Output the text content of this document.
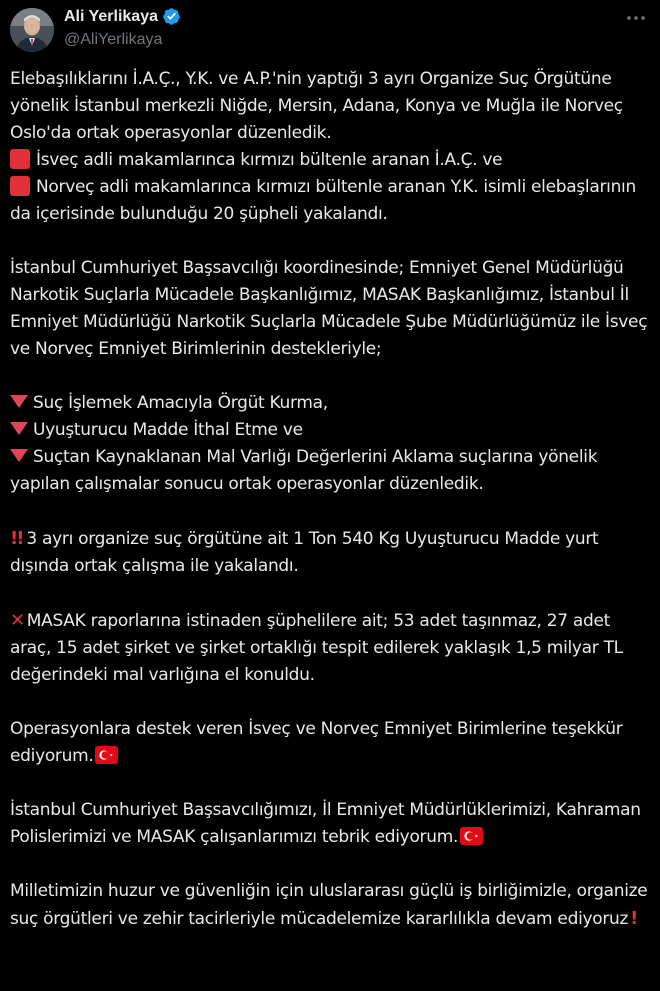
Ali Yerlikaya
@AliYerlikaya
Elebaşılıklarını İ.A.Ç., Y.K. ve A.P.'nin yaptığı 3 ayrı Organize Suç Örgütüne yönelik İstanbul merkezli Niğde, Mersin, Adana, Konya ve Muğla ile Norveç Oslo'da ortak operasyonlar düzenledik.
İsveç adli makamlarınca kırmızı bültenle aranan İ.A.Ç. ve
Norveç adli makamlarınca kırmızı bültenle aranan Y.K. isimli elebaşlarının da içerisinde bulunduğu 20 şüpheli yakalandı.
İstanbul Cumhuriyet Başsavcılığı koordinesinde; Emniyet Genel Müdürlüğü Narkotik Suçlarla Mücadele Başkanlığımız, MASAK Başkanlığımız, İstanbul İl Emniyet Müdürlüğü Narkotik Suçlarla Mücadele Şube Müdürlüğümüz ile İsveç ve Norveç Emniyet Birimlerinin destekleriyle;
Suç İşlemek Amacıyla Örgüt Kurma,
Uyuşturucu Madde İthal Etme ve
Suçtan Kaynaklanan Mal Varlığı Değerlerini Aklama suçlarına yönelik yapılan çalışmalar sonucu ortak operasyonlar düzenledik.
!! 3 ayrı organize suç örgütüne ait 1 Ton 540 Kg Uyuşturucu Madde yurt dışında ortak çalışma ile yakalandı.
✕ MASAK raporlarına istinaden şüphelilere ait; 53 adet taşınmaz, 27 adet araç, 15 adet şirket ve şirket ortaklığı tespit edilerek yaklaşık 1,5 milyar TL değerindeki mal varlığına el konuldu.
Operasyonlara destek veren İsveç ve Norveç Emniyet Birimlerine teşekkür ediyorum.
İstanbul Cumhuriyet Başsavcılığımızı, İl Emniyet Müdürlüklerimizi, Kahraman Polislerimizi ve MASAK çalışanlarımızı tebrik ediyorum.
Milletimizin huzur ve güvenliğin için uluslararası güçlü iş birliğimizle, organize suç örgütleri ve zehir tacirleriyle mücadelemize kararlılıkla devam ediyoruz !
